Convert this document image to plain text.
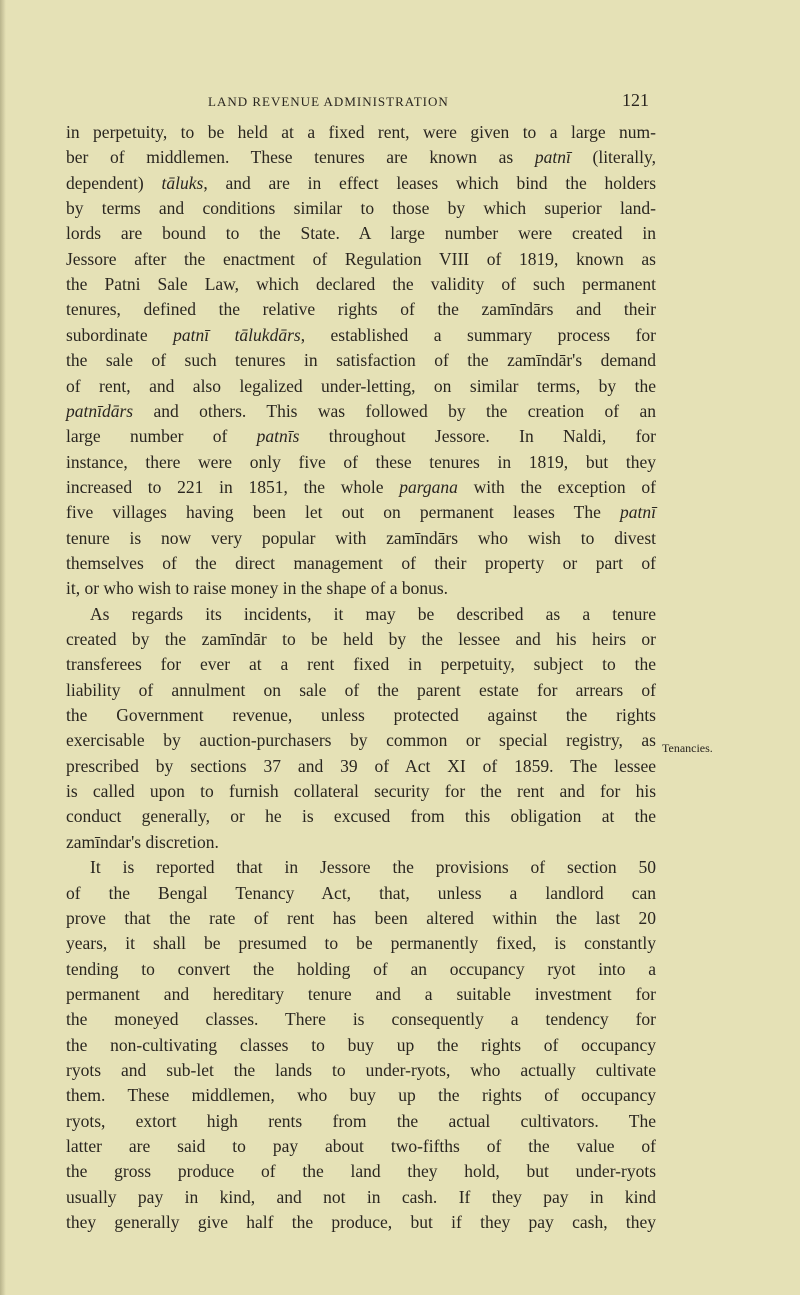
LAND REVENUE ADMINISTRATION	121
in perpetuity, to be held at a fixed rent, were given to a large num-
ber of middlemen. These tenures are known as patnī (literally,
dependent) tāluks, and are in effect leases which bind the holders
by terms and conditions similar to those by which superior land-
lords are bound to the State. A large number were created in
Jessore after the enactment of Regulation VIII of 1819, known as
the Patni Sale Law, which declared the validity of such permanent
tenures, defined the relative rights of the zamīndārs and their
subordinate patnī tālukdārs, established a summary process for
the sale of such tenures in satisfaction of the zamīndār's demand
of rent, and also legalized under-letting, on similar terms, by the
patnīdārs and others. This was followed by the creation of an
large number of patnīs throughout Jessore. In Naldi, for
instance, there were only five of these tenures in 1819, but they
increased to 221 in 1851, the whole pargana with the exception of
five villages having been let out on permanent leases The patnī
tenure is now very popular with zamīndārs who wish to divest
themselves of the direct management of their property or part of
it, or who wish to raise money in the shape of a bonus.
As regards its incidents, it may be described as a tenure
created by the zamīndār to be held by the lessee and his heirs or
transferees for ever at a rent fixed in perpetuity, subject to the
liability of annulment on sale of the parent estate for arrears of
the Government revenue, unless protected against the rights
exercisable by auction-purchasers by common or special registry, as
prescribed by sections 37 and 39 of Act XI of 1859. The lessee
is called upon to furnish collateral security for the rent and for his
conduct generally, or he is excused from this obligation at the
zamīndar's discretion.
It is reported that in Jessore the provisions of section 50
of the Bengal Tenancy Act, that, unless a landlord can
prove that the rate of rent has been altered within the last 20
years, it shall be presumed to be permanently fixed, is constantly
tending to convert the holding of an occupancy ryot into a
permanent and hereditary tenure and a suitable investment for
the moneyed classes. There is consequently a tendency for
the non-cultivating classes to buy up the rights of occupancy
ryots and sub-let the lands to under-ryots, who actually cultivate
them. These middlemen, who buy up the rights of occupancy
ryots, extort high rents from the actual cultivators. The
latter are said to pay about two-fifths of the value of
the gross produce of the land they hold, but under-ryots
usually pay in kind, and not in cash. If they pay in kind
they generally give half the produce, but if they pay cash, they
Tenancies.
